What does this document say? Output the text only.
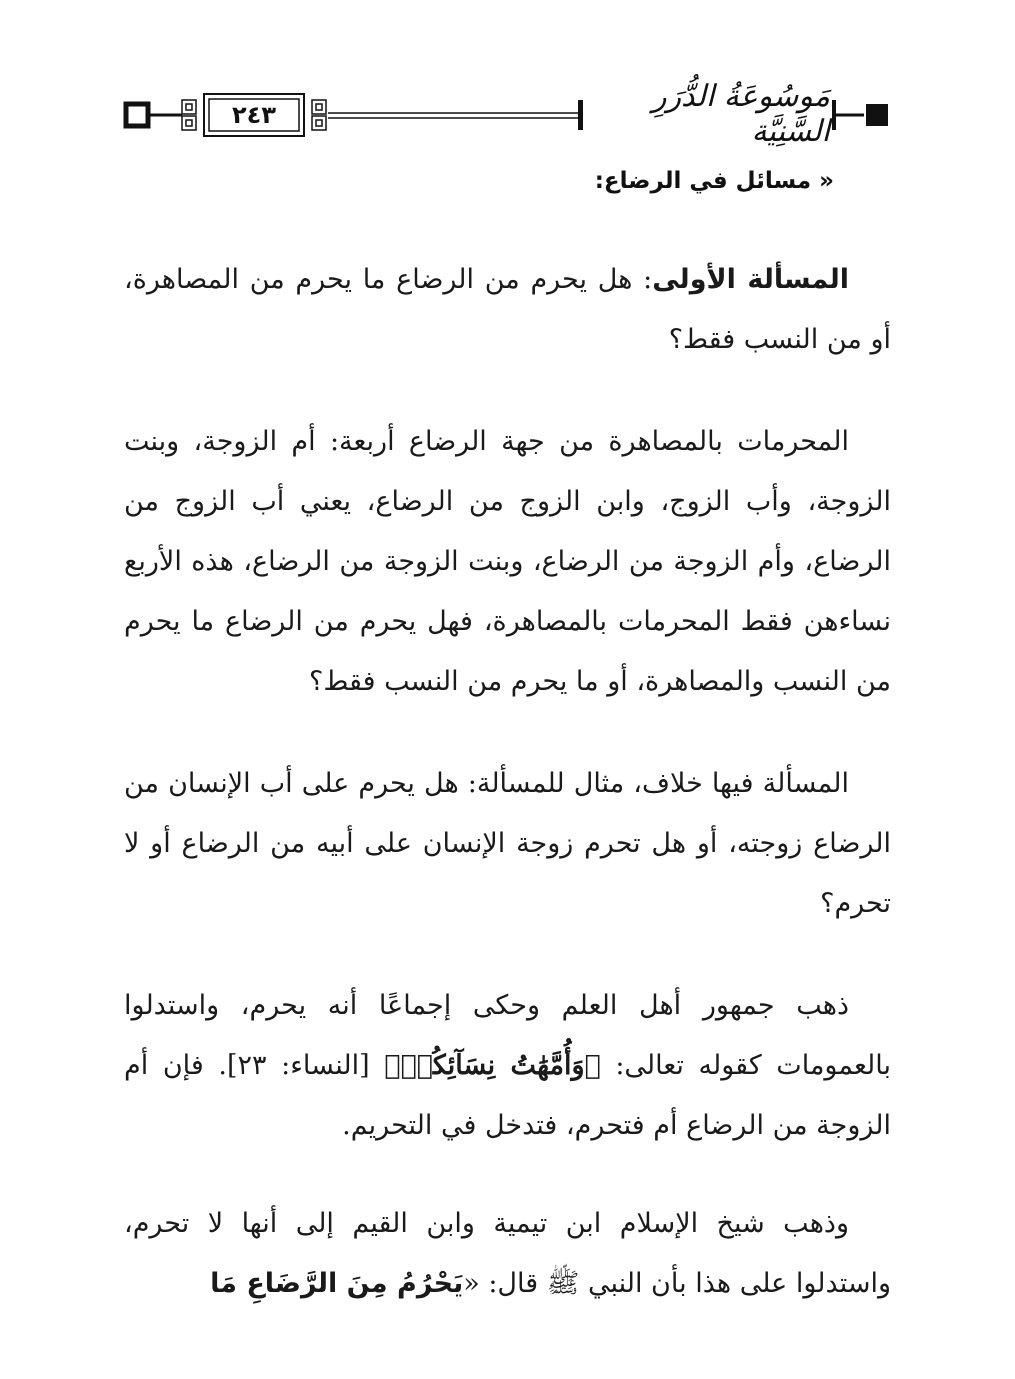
٢٤٣
مَوسُوعَةُ الدُّرَرِ السَّنِيَّة
« مسائل في الرضاع:

المسألة الأولى: هل يحرم من الرضاع ما يحرم من المصاهرة، أو من النسب فقط؟

المحرمات بالمصاهرة من جهة الرضاع أربعة: أم الزوجة، وبنت الزوجة، وأب الزوج، وابن الزوج من الرضاع، يعني أب الزوج من الرضاع، وأم الزوجة من الرضاع، وبنت الزوجة من الرضاع، هذه الأربع نساءهن فقط المحرمات بالمصاهرة، فهل يحرم من الرضاع ما يحرم من النسب والمصاهرة، أو ما يحرم من النسب فقط؟

المسألة فيها خلاف، مثال للمسألة: هل يحرم على أب الإنسان من الرضاع زوجته، أو هل تحرم زوجة الإنسان على أبيه من الرضاع أو لا تحرم؟

ذهب جمهور أهل العلم وحكى إجماعًا أنه يحرم، واستدلوا بالعمومات كقوله تعالى: ﴿وَأُمَّهَٰتُ نِسَآئِكُمۡ﴾ [النساء: ٢٣]. فإن أم الزوجة من الرضاع أم فتحرم، فتدخل في التحريم.

وذهب شيخ الإسلام ابن تيمية وابن القيم إلى أنها لا تحرم، واستدلوا على هذا بأن النبي ﷺ قال: «يَحْرُمُ مِنَ الرَّضَاعِ مَا
